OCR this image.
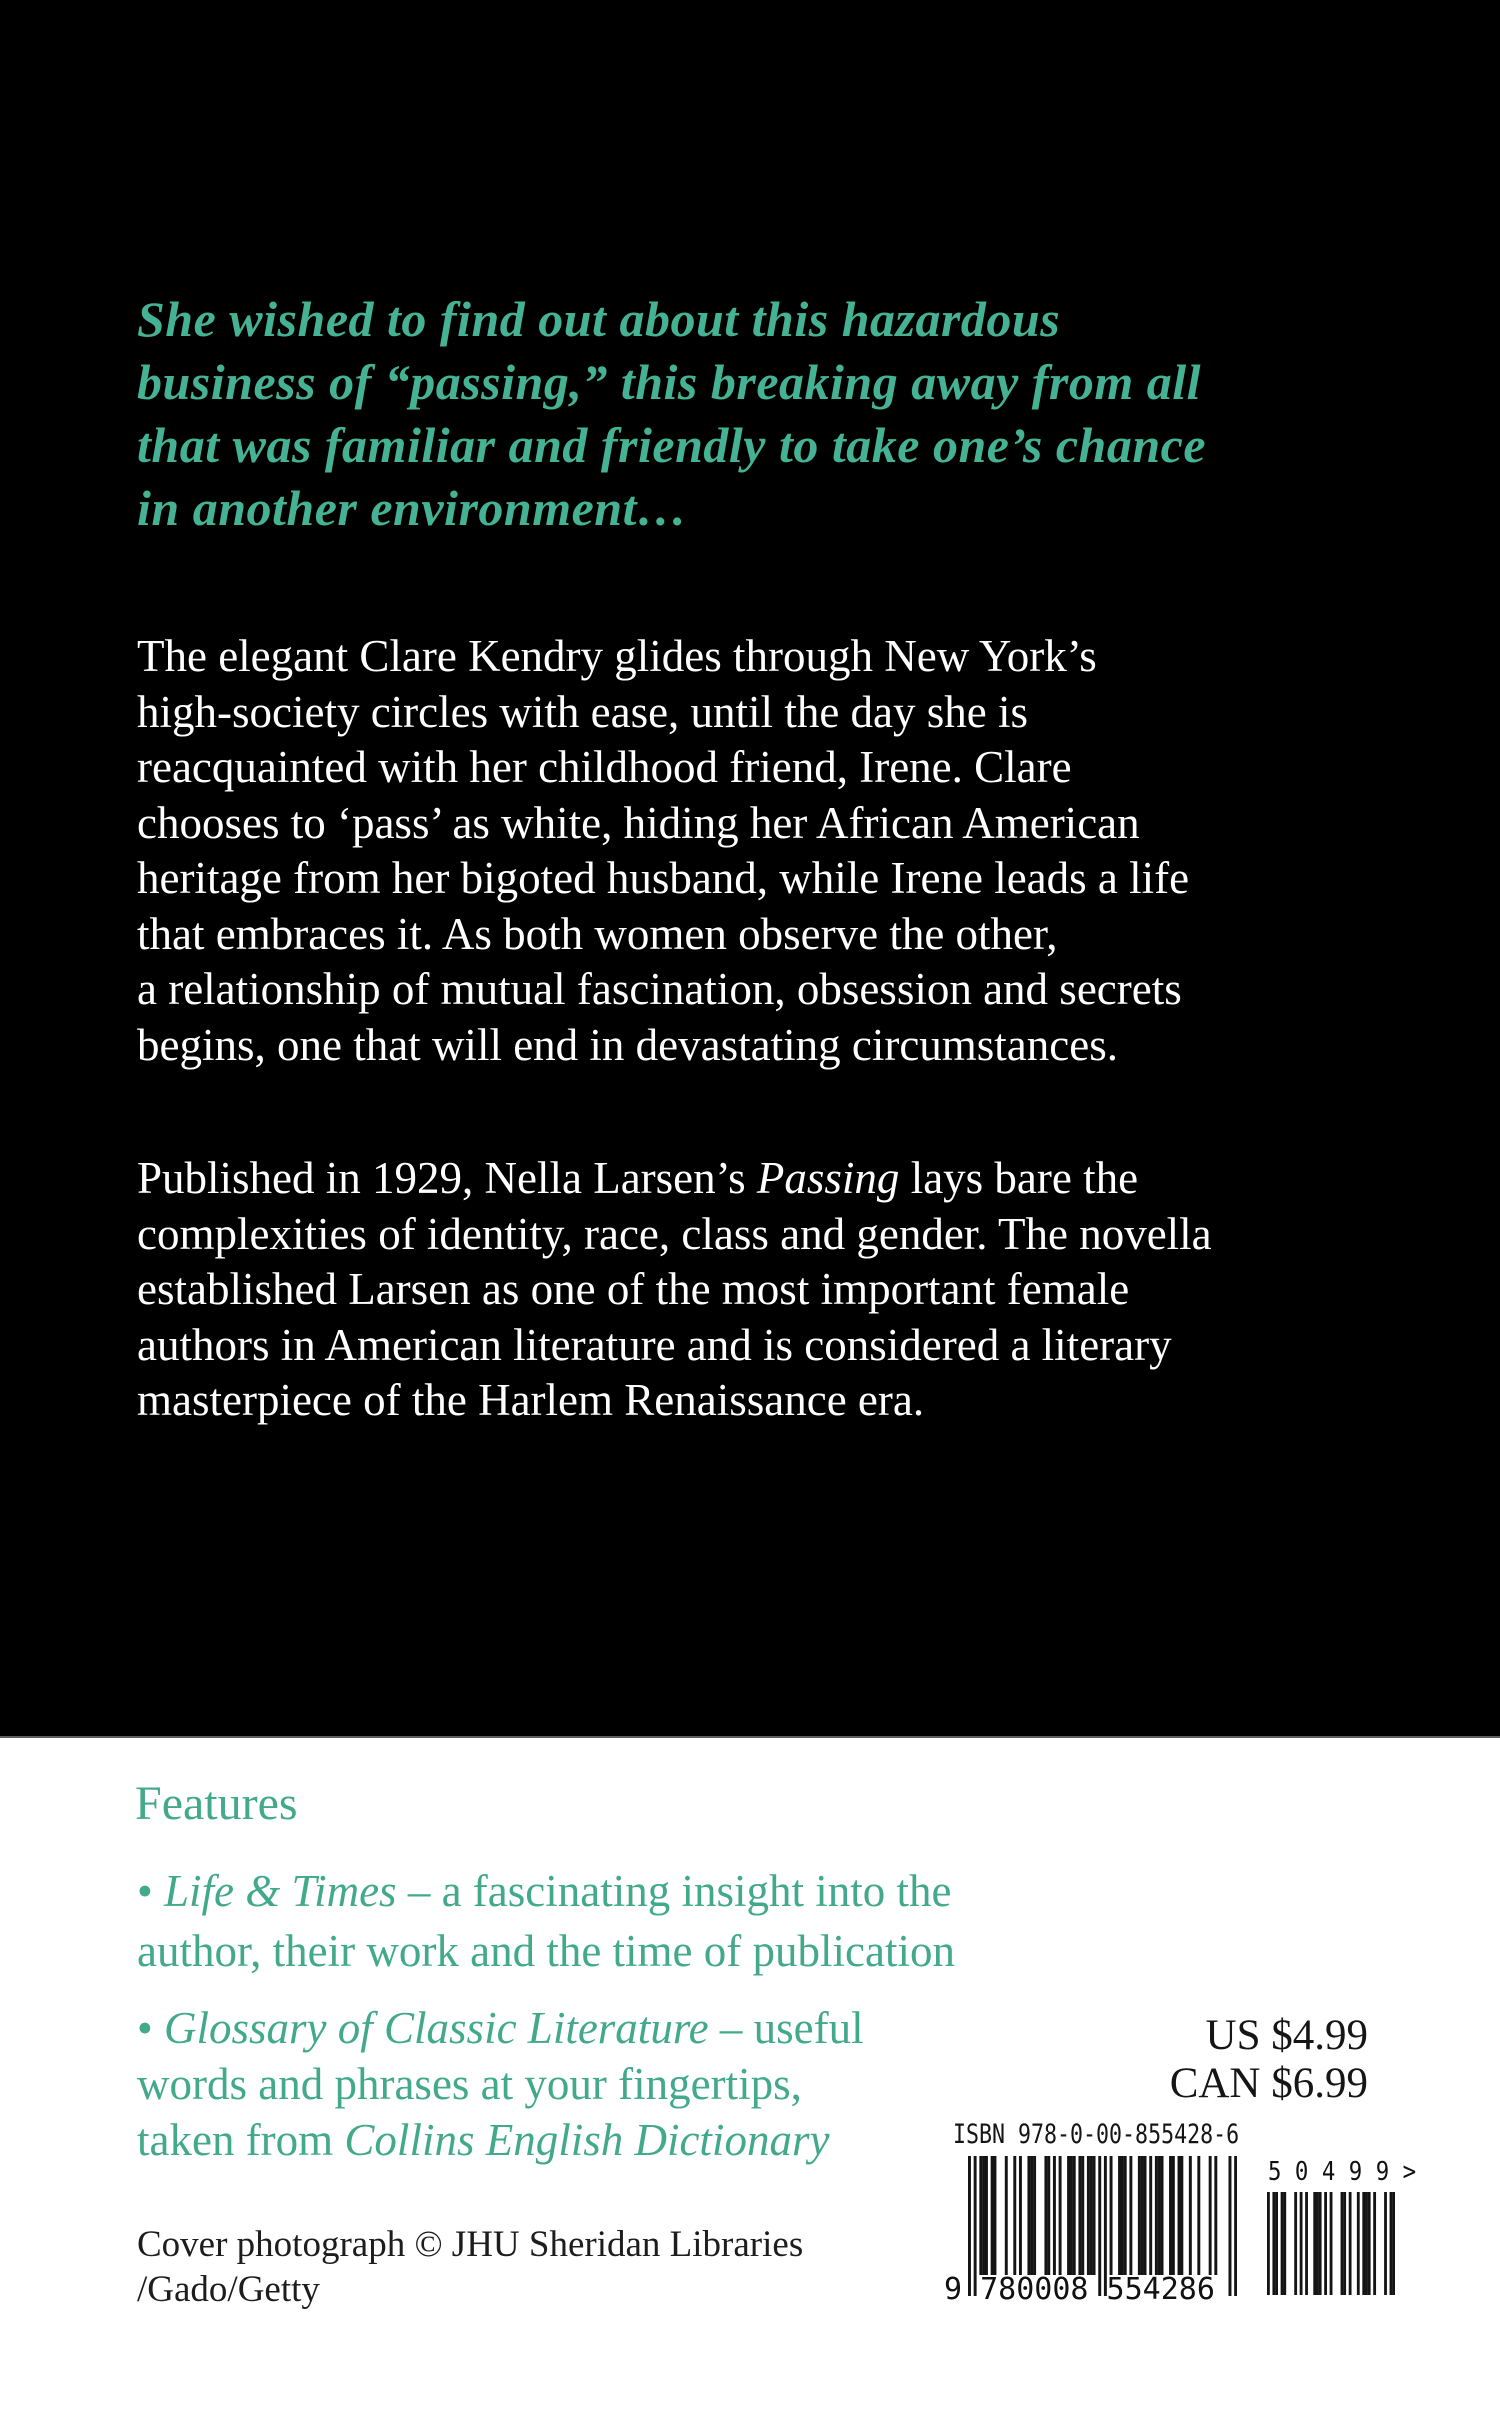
She wished to find out about this hazardous
business of “passing,” this breaking away from all
that was familiar and friendly to take one’s chance
in another environment…
The elegant Clare Kendry glides through New York’s
high-society circles with ease, until the day she is
reacquainted with her childhood friend, Irene. Clare
chooses to ‘pass’ as white, hiding her African American
heritage from her bigoted husband, while Irene leads a life
that embraces it. As both women observe the other,
a relationship of mutual fascination, obsession and secrets
begins, one that will end in devastating circumstances.
Published in 1929, Nella Larsen’s Passing lays bare the
complexities of identity, race, class and gender. The novella
established Larsen as one of the most important female
authors in American literature and is considered a literary
masterpiece of the Harlem Renaissance era.
Features
• Life & Times – a fascinating insight into the
author, their work and the time of publication
• Glossary of Classic Literature – useful
words and phrases at your fingertips,
taken from Collins English Dictionary
US $4.99
CAN $6.99
ISBN 978-0-00-855428-6
9 780008 554286
5 0 4 9 9 >
Cover photograph © JHU Sheridan Libraries
/Gado/Getty
